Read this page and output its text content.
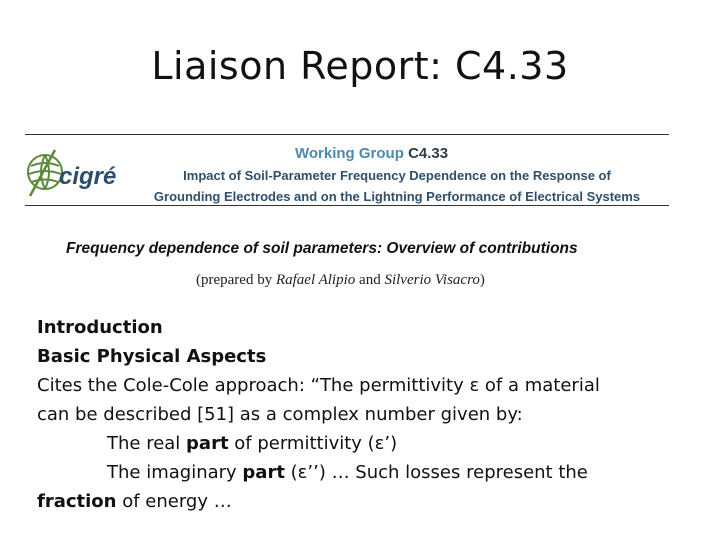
Liaison Report: C4.33
cigré
Working Group C4.33
Impact of Soil-Parameter Frequency Dependence on the Response of
Grounding Electrodes and on the Lightning Performance of Electrical Systems
Frequency dependence of soil parameters: Overview of contributions
(prepared by Rafael Alipio and Silverio Visacro)
Introduction
Basic Physical Aspects
Cites the Cole-Cole approach: “The permittivity ε of a material
can be described [51] as a complex number given by:
The real part of permittivity (ε’)
The imaginary part (ε’’) … Such losses represent the
fraction of energy …
